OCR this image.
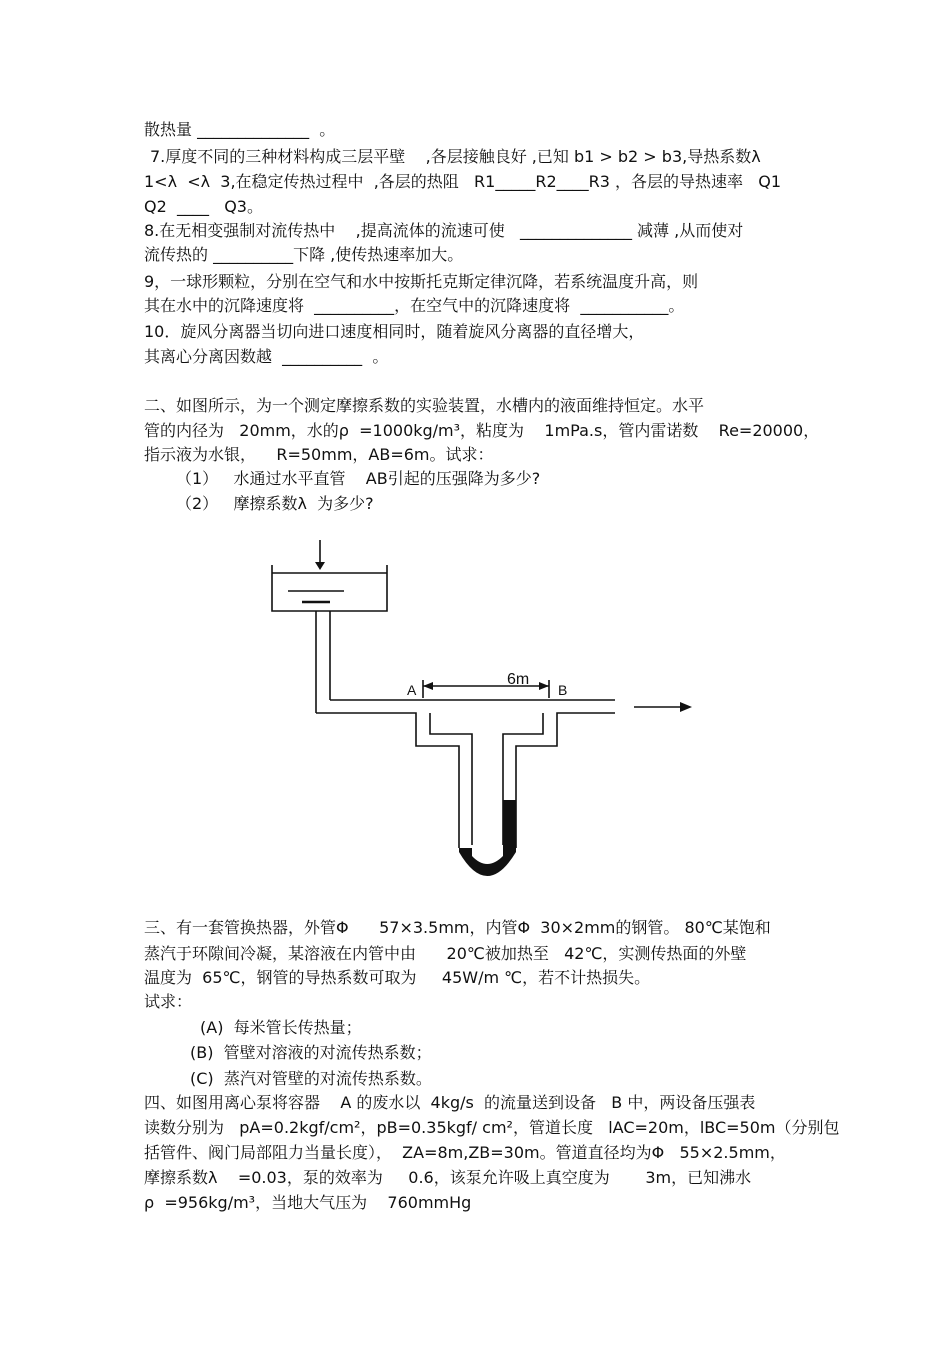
散热量 ______________  。
7.厚度不同的三种材料构成三层平壁    ,各层接触良好 ,已知 b1 > b2 > b3,导热系数λ
1<λ  <λ  3,在稳定传热过程中  ,各层的热阻   R1_____R2____R3 ，各层的导热速率   Q1
Q2  ____   Q3。
8.在无相变强制对流传热中    ,提高流体的流速可使   ______________ 减薄 ,从而使对
流传热的 __________下降 ,使传热速率加大。
9，一球形颗粒，分别在空气和水中按斯托克斯定律沉降，若系统温度升高，则
其在水中的沉降速度将  __________，在空气中的沉降速度将  ___________。
10．旋风分离器当切向进口速度相同时，随着旋风分离器的直径增大，
其离心分离因数越  __________  。
二、如图所示，为一个测定摩擦系数的实验装置，水槽内的液面维持恒定。水平
管的内径为   20mm，水的ρ  =1000kg/m³，粘度为    1mPa.s，管内雷诺数    Re=20000，
指示液为水银，    R=50mm，AB=6m。试求：
（1）   水通过水平直管    AB引起的压强降为多少?
（2）   摩擦系数λ  为多少?
A	B
6m
三、有一套管换热器，外管Φ      57×3.5mm，内管Φ  30×2mm的钢管。 80℃某饱和
蒸汽于环隙间冷凝，某溶液在内管中由      20℃被加热至   42℃，实测传热面的外壁
温度为  65℃，钢管的导热系数可取为     45W/m ℃，若不计热损失。
试求：
(A)  每米管长传热量；
(B)  管壁对溶液的对流传热系数；
(C)  蒸汽对管壁的对流传热系数。
四、如图用离心泵将容器    A 的废水以  4kg/s  的流量送到设备   B 中，两设备压强表
读数分别为   pA=0.2kgf/cm²，pB=0.35kgf/ cm²，管道长度   lAC=20m，lBC=50m（分别包
括管件、阀门局部阻力当量长度），  ZA=8m,ZB=30m。管道直径均为Φ   55×2.5mm，
摩擦系数λ    =0.03，泵的效率为     0.6，该泵允许吸上真空度为       3m，已知沸水
ρ  =956kg/m³，当地大气压为    760mmHg
